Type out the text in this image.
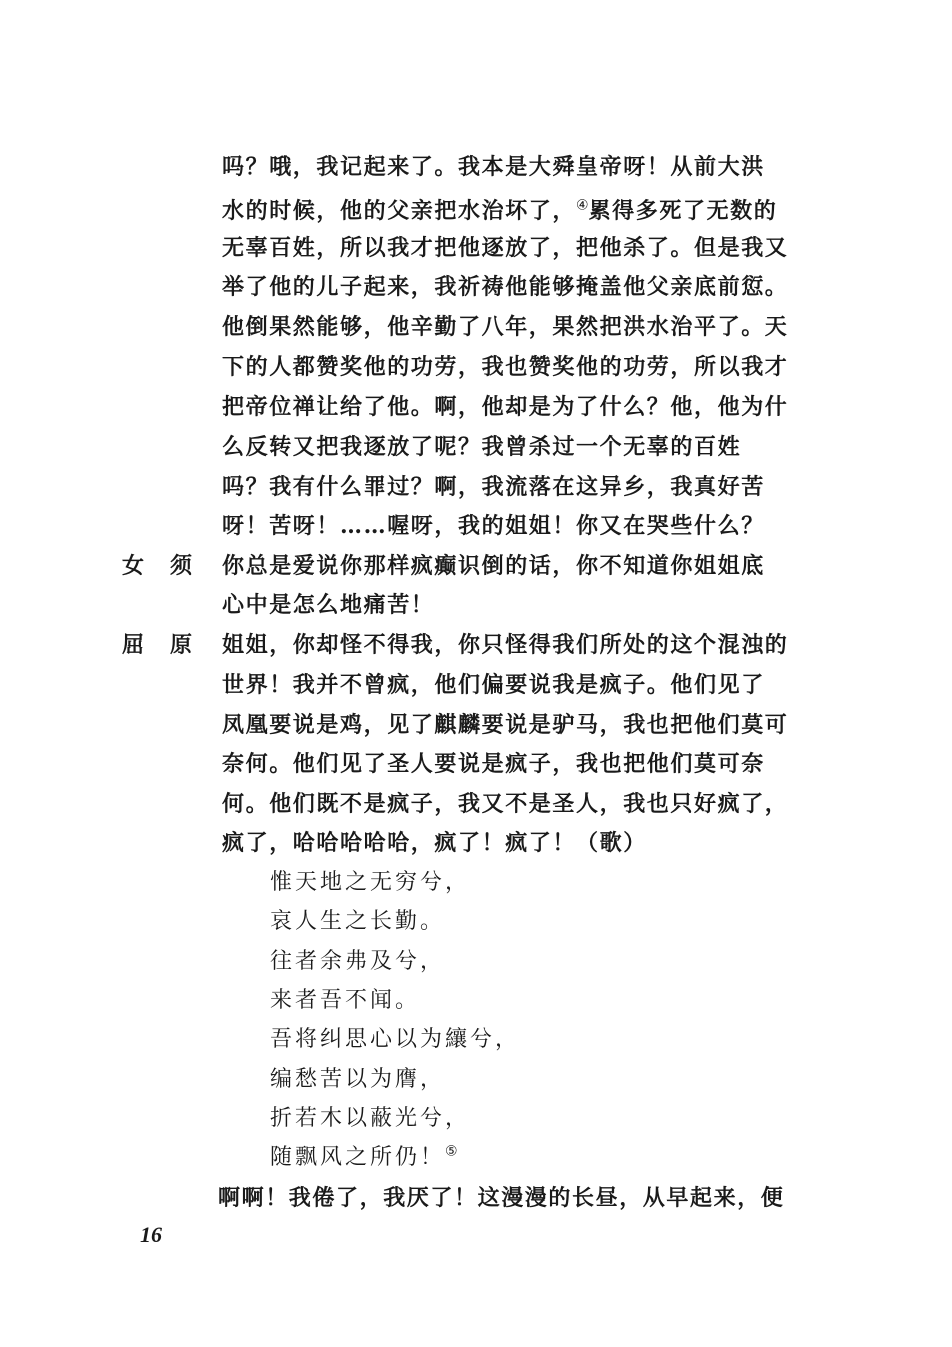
吗？哦，我记起来了。我本是大舜皇帝呀！从前大洪
水的时候，他的父亲把水治坏了，④累得多死了无数的
无辜百姓，所以我才把他逐放了，把他杀了。但是我又
举了他的儿子起来，我祈祷他能够掩盖他父亲底前愆。
他倒果然能够，他辛勤了八年，果然把洪水治平了。天
下的人都赞奖他的功劳，我也赞奖他的功劳，所以我才
把帝位禅让给了他。啊，他却是为了什么？他，他为什
么反转又把我逐放了呢？我曾杀过一个无辜的百姓
吗？我有什么罪过？啊，我流落在这异乡，我真好苦
呀！苦呀！……喔呀，我的姐姐！你又在哭些什么？
女须 你总是爱说你那样疯癫识倒的话，你不知道你姐姐底
心中是怎么地痛苦！
屈原 姐姐，你却怪不得我，你只怪得我们所处的这个混浊的
世界！我并不曾疯，他们偏要说我是疯子。他们见了
凤凰要说是鸡，见了麒麟要说是驴马，我也把他们莫可
奈何。他们见了圣人要说是疯子，我也把他们莫可奈
何。他们既不是疯子，我又不是圣人，我也只好疯了，
疯了，哈哈哈哈哈，疯了！疯了！（歌）
惟天地之无穷兮，
哀人生之长勤。
往者余弗及兮，
来者吾不闻。
吾将纠思心以为纕兮，
编愁苦以为膺，
折若木以蔽光兮，
随飘风之所仍！⑤
啊啊！我倦了，我厌了！这漫漫的长昼，从早起来，便
16
